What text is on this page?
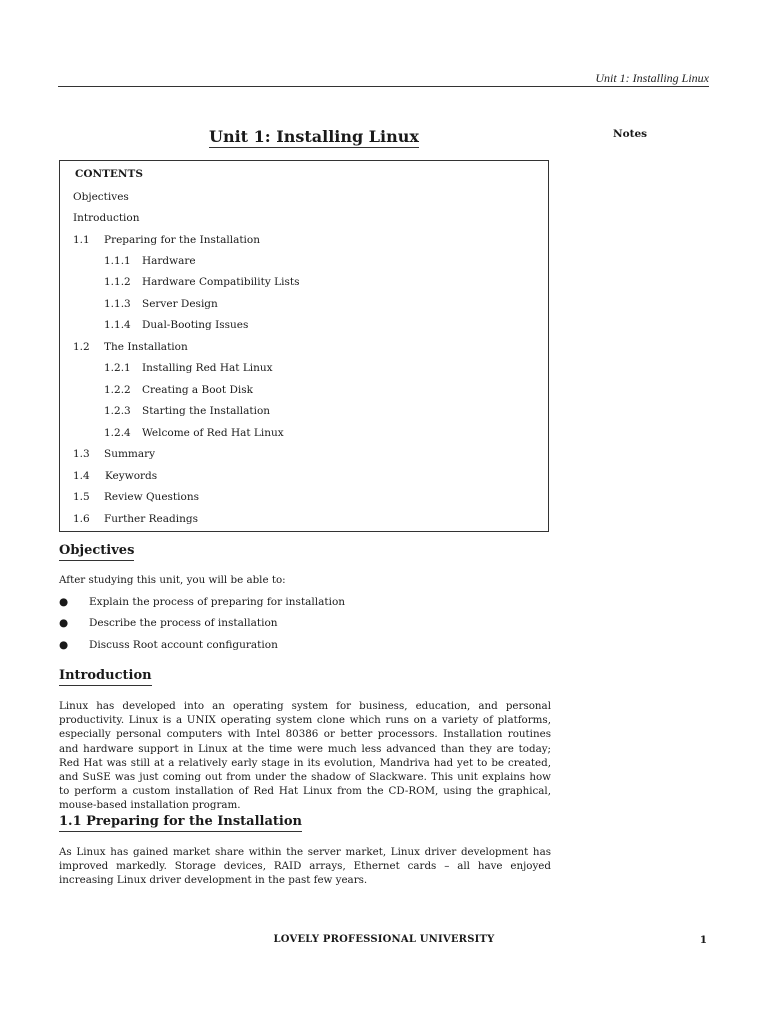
Unit 1: Installing Linux
Notes
Unit 1: Installing Linux
CONTENTS
Objectives
Introduction
1.1 Preparing for the Installation
1.1.1 Hardware
1.1.2 Hardware Compatibility Lists
1.1.3 Server Design
1.1.4 Dual-Booting Issues
1.2 The Installation
1.2.1 Installing Red Hat Linux
1.2.2 Creating a Boot Disk
1.2.3 Starting the Installation
1.2.4 Welcome of Red Hat Linux
1.3 Summary
1.4 Keywords
1.5 Review Questions
1.6 Further Readings
Objectives

After studying this unit, you will be able to:

● Explain the process of preparing for installation
● Describe the process of installation
● Discuss Root account configuration
Introduction

Linux has developed into an operating system for business, education, and personal productivity. Linux is a UNIX operating system clone which runs on a variety of platforms, especially personal computers with Intel 80386 or better processors. Installation routines and hardware support in Linux at the time were much less advanced than they are today; Red Hat was still at a relatively early stage in its evolution, Mandriva had yet to be created, and SuSE was just coming out from under the shadow of Slackware. This unit explains how to perform a custom installation of Red Hat Linux from the CD-ROM, using the graphical, mouse-based installation program.

1.1 Preparing for the Installation

As Linux has gained market share within the server market, Linux driver development has improved markedly. Storage devices, RAID arrays, Ethernet cards – all have enjoyed increasing Linux driver development in the past few years.

LOVELY PROFESSIONAL UNIVERSITY	1
